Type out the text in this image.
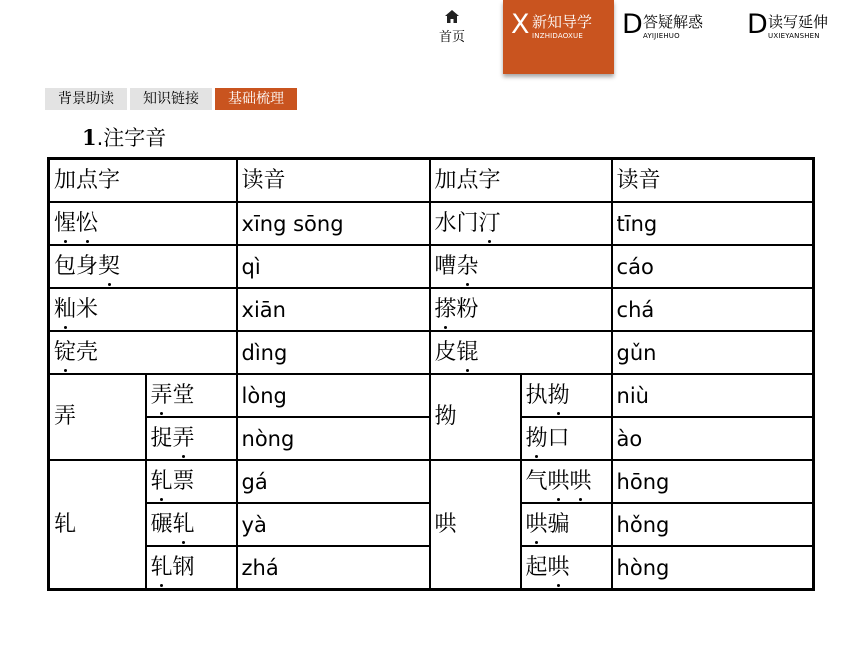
首页	X 新知导学
INZHIDAOXUE D 答疑解惑
AYIJIEHUO D 读写延伸
UXIEYANSHEN
背景助读	知识链接	基础梳理
1.注字音
加点字		读音	加点字		读音
惺忪		xīng sōng	水门汀		tīng
包身契		qì	嘈杂		cáo
籼米		xiān	搽粉		chá
锭壳		dìng	皮锟		gǔn
弄	弄堂	lòng	拗	执拗	niù
	捉弄	nòng		拗口	ào
轧	轧票	gá	哄	气哄哄	hōng
	碾轧	yà		哄骗	hǒng
	轧钢	zhá		起哄	hòng
